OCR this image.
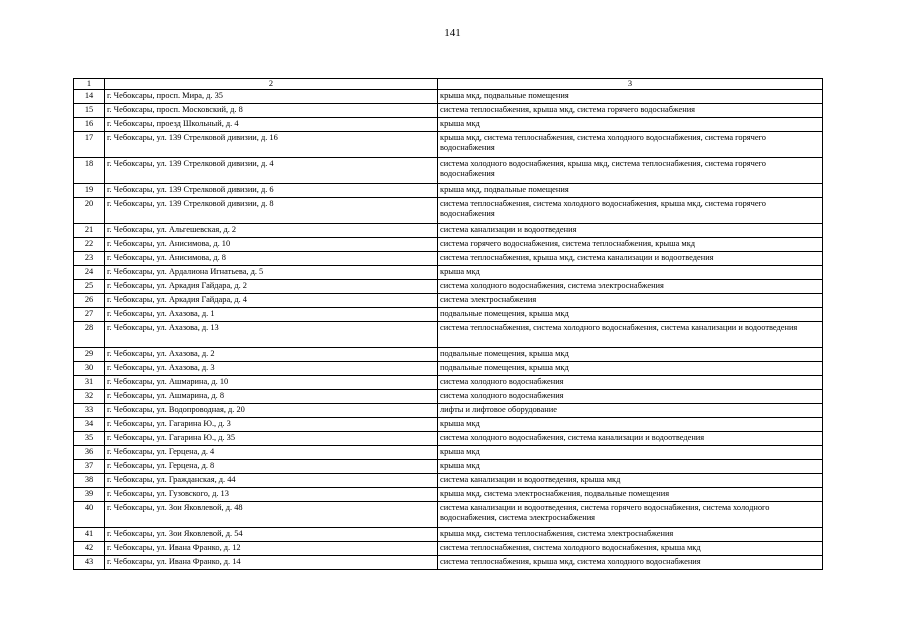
141
1	2	3
14	г. Чебоксары, просп. Мира, д. 35	крыша мкд, подвальные помещения
15	г. Чебоксары, просп. Московский, д. 8	система теплоснабжения, крыша мкд, система горячего водоснабжения
16	г. Чебоксары, проезд Школьный, д. 4	крыша мкд
17	г. Чебоксары, ул. 139 Стрелковой дивизии, д. 16	крыша мкд, система теплоснабжения, система холодного водоснабжения, система горячего водоснабжения
18	г. Чебоксары, ул. 139 Стрелковой дивизии, д. 4	система холодного водоснабжения, крыша мкд, система теплоснабжения, система горячего водоснабжения
19	г. Чебоксары, ул. 139 Стрелковой дивизии, д. 6	крыша мкд, подвальные помещения
20	г. Чебоксары, ул. 139 Стрелковой дивизии, д. 8	система теплоснабжения, система холодного водоснабжения, крыша мкд, система горячего водоснабжения
21	г. Чебоксары, ул. Альгешевская, д. 2	система канализации и водоотведения
22	г. Чебоксары, ул. Анисимова, д. 10	система горячего водоснабжения, система теплоснабжения, крыша мкд
23	г. Чебоксары, ул. Анисимова, д. 8	система теплоснабжения, крыша мкд, система канализации и водоотведения
24	г. Чебоксары, ул. Ардалиона Игнатьева, д. 5	крыша мкд
25	г. Чебоксары, ул. Аркадия Гайдара, д. 2	система холодного водоснабжения, система электроснабжения
26	г. Чебоксары, ул. Аркадия Гайдара, д. 4	система электроснабжения
27	г. Чебоксары, ул. Ахазова, д. 1	подвальные помещения, крыша мкд
28	г. Чебоксары, ул. Ахазова, д. 13	система теплоснабжения, система холодного водоснабжения, система канализации и водоотведения
29	г. Чебоксары, ул. Ахазова, д. 2	подвальные помещения, крыша мкд
30	г. Чебоксары, ул. Ахазова, д. 3	подвальные помещения, крыша мкд
31	г. Чебоксары, ул. Ашмарина, д. 10	система холодного водоснабжения
32	г. Чебоксары, ул. Ашмарина, д. 8	система холодного водоснабжения
33	г. Чебоксары, ул. Водопроводная, д. 20	лифты и лифтовое оборудование
34	г. Чебоксары, ул. Гагарина Ю., д. 3	крыша мкд
35	г. Чебоксары, ул. Гагарина Ю., д. 35	система холодного водоснабжения, система канализации и водоотведения
36	г. Чебоксары, ул. Герцена, д. 4	крыша мкд
37	г. Чебоксары, ул. Герцена, д. 8	крыша мкд
38	г. Чебоксары, ул. Гражданская, д. 44	система канализации и водоотведения, крыша мкд
39	г. Чебоксары, ул. Гузовского, д. 13	крыша мкд, система электроснабжения, подвальные помещения
40	г. Чебоксары, ул. Зои Яковлевой, д. 48	система канализации и водоотведения, система горячего водоснабжения, система холодного водоснабжения, система электроснабжения
41	г. Чебоксары, ул. Зои Яковлевой, д. 54	крыша мкд, система теплоснабжения, система электроснабжения
42	г. Чебоксары, ул. Ивана Франко, д. 12	система теплоснабжения, система холодного водоснабжения, крыша мкд
43	г. Чебоксары, ул. Ивана Франко, д. 14	система теплоснабжения, крыша мкд, система холодного водоснабжения
